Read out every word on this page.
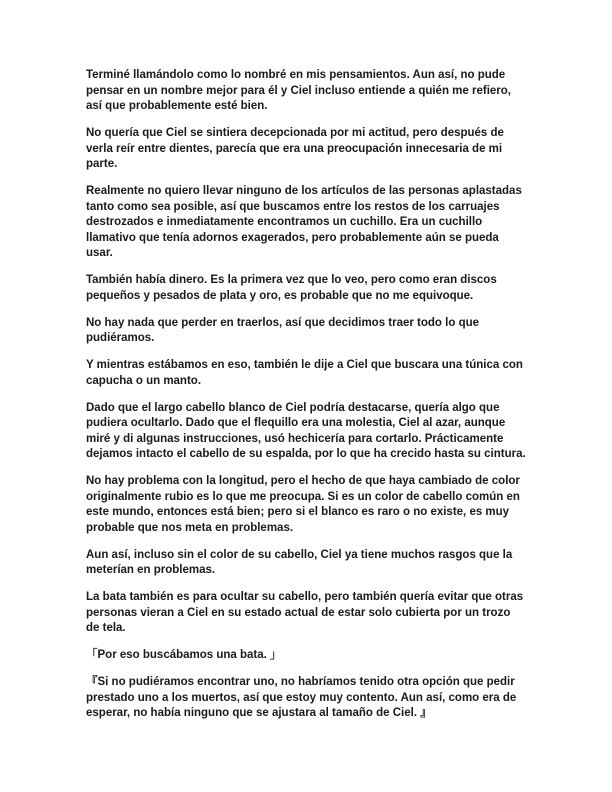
Terminé llamándolo como lo nombré en mis pensamientos. Aun así, no pude pensar en un nombre mejor para él y Ciel incluso entiende a quién me refiero, así que probablemente esté bien.

No quería que Ciel se sintiera decepcionada por mi actitud, pero después de verla reír entre dientes, parecía que era una preocupación innecesaria de mi parte.

Realmente no quiero llevar ninguno de los artículos de las personas aplastadas tanto como sea posible, así que buscamos entre los restos de los carruajes destrozados e inmediatamente encontramos un cuchillo. Era un cuchillo llamativo que tenía adornos exagerados, pero probablemente aún se pueda usar.

También había dinero. Es la primera vez que lo veo, pero como eran discos pequeños y pesados de plata y oro, es probable que no me equivoque.

No hay nada que perder en traerlos, así que decidimos traer todo lo que pudiéramos.

Y mientras estábamos en eso, también le dije a Ciel que buscara una túnica con capucha o un manto.

Dado que el largo cabello blanco de Ciel podría destacarse, quería algo que pudiera ocultarlo. Dado que el flequillo era una molestia, Ciel al azar, aunque miré y di algunas instrucciones, usó hechicería para cortarlo. Prácticamente dejamos intacto el cabello de su espalda, por lo que ha crecido hasta su cintura.

No hay problema con la longitud, pero el hecho de que haya cambiado de color originalmente rubio es lo que me preocupa. Si es un color de cabello común en este mundo, entonces está bien; pero si el blanco es raro o no existe, es muy probable que nos meta en problemas.

Aun así, incluso sin el color de su cabello, Ciel ya tiene muchos rasgos que la meterían en problemas.

La bata también es para ocultar su cabello, pero también quería evitar que otras personas vieran a Ciel en su estado actual de estar solo cubierta por un trozo de tela.

「Por eso buscábamos una bata. 」

『Si no pudiéramos encontrar uno, no habríamos tenido otra opción que pedir prestado uno a los muertos, así que estoy muy contento. Aun así, como era de esperar, no había ninguno que se ajustara al tamaño de Ciel. 』
